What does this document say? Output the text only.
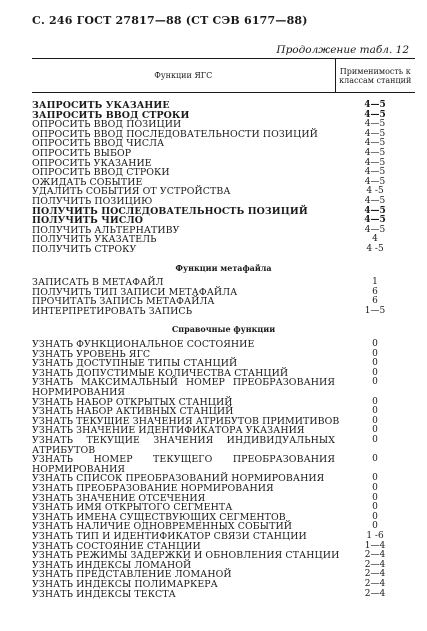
С. 246 ГОСТ 27817—88 (СТ СЭВ 6177—88)
Продолжение табл. 12
Функции ЯГС	Применимость к классам станций

ЗАПРОСИТЬ УКАЗАНИЕ	4—5
ЗАПРОСИТЬ ВВОД СТРОКИ	4—5
ОПРОСИТЬ ВВОД ПОЗИЦИИ	4—5
ОПРОСИТЬ ВВОД ПОСЛЕДОВАТЕЛЬНОСТИ ПОЗИЦИЙ	4—5
ОПРОСИТЬ ВВОД ЧИСЛА	4—5
ОПРОСИТЬ ВЫБОР	4—5
ОПРОСИТЬ УКАЗАНИЕ	4—5
ОПРОСИТЬ ВВОД СТРОКИ	4—5
ОЖИДАТЬ СОБЫТИЕ	4—5
УДАЛИТЬ СОБЫТИЯ ОТ УСТРОЙСТВА	4 -5
ПОЛУЧИТЬ ПОЗИЦИЮ	4—5
ПОЛУЧИТЬ ПОСЛЕДОВАТЕЛЬНОСТЬ ПОЗИЦИЙ	4—5
ПОЛУЧИТЬ ЧИСЛО	4—5
ПОЛУЧИТЬ АЛЬТЕРНАТИВУ	4—5
ПОЛУЧИТЬ УКАЗАТЕЛЬ	4
ПОЛУЧИТЬ СТРОКУ	4 -5
Функции метафайла	
ЗАПИСАТЬ В МЕТАФАЙЛ	1
ПОЛУЧИТЬ ТИП ЗАПИСИ МЕТАФАЙЛА	6
ПРОЧИТАТЬ ЗАПИСЬ МЕТАФАЙЛА	6
ИНТЕРПРЕТИРОВАТЬ ЗАПИСЬ	1—5
Справочные функции	
УЗНАТЬ ФУНКЦИОНАЛЬНОЕ СОСТОЯНИЕ	0
УЗНАТЬ УРОВЕНЬ ЯГС	0
УЗНАТЬ ДОСТУПНЫЕ ТИПЫ СТАНЦИЙ	0
УЗНАТЬ ДОПУСТИМЫЕ КОЛИЧЕСТВА СТАНЦИЙ	0
УЗНАТЬ МАКСИМАЛЬНЫЙ НОМЕР ПРЕОБРАЗОВАНИЯ НОРМИРОВАНИЯ	0
УЗНАТЬ НАБОР ОТКРЫТЫХ СТАНЦИЙ	0
УЗНАТЬ НАБОР АКТИВНЫХ СТАНЦИЙ	0
УЗНАТЬ ТЕКУЩИЕ ЗНАЧЕНИЯ АТРИБУТОВ ПРИМИТИВОВ	0
УЗНАТЬ ЗНАЧЕНИЕ ИДЕНТИФИКАТОРА УКАЗАНИЯ	0
УЗНАТЬ ТЕКУЩИЕ ЗНАЧЕНИЯ ИНДИВИДУАЛЬНЫХ АТРИБУТОВ	0
УЗНАТЬ НОМЕР ТЕКУЩЕГО ПРЕОБРАЗОВАНИЯ НОРМИРОВАНИЯ	0
УЗНАТЬ СПИСОК ПРЕОБРАЗОВАНИЙ НОРМИРОВАНИЯ	0
УЗНАТЬ ПРЕОБРАЗОВАНИЕ НОРМИРОВАНИЯ	0
УЗНАТЬ ЗНАЧЕНИЕ ОТСЕЧЕНИЯ	0
УЗНАТЬ ИМЯ ОТКРЫТОГО СЕГМЕНТА	0
УЗНАТЬ ИМЕНА СУЩЕСТВУЮЩИХ СЕГМЕНТОВ	0
УЗНАТЬ НАЛИЧИЕ ОДНОВРЕМЕННЫХ СОБЫТИЙ	0
УЗНАТЬ ТИП И ИДЕНТИФИКАТОР СВЯЗИ СТАНЦИИ	1 -6
УЗНАТЬ СОСТОЯНИЕ СТАНЦИИ	1—4
УЗНАТЬ РЕЖИМЫ ЗАДЕРЖКИ И ОБНОВЛЕНИЯ СТАНЦИИ	2—4
УЗНАТЬ ИНДЕКСЫ ЛОМАНОЙ	2—4
УЗНАТЬ ПРЕДСТАВЛЕНИЕ ЛОМАНОЙ	2—4
УЗНАТЬ ИНДЕКСЫ ПОЛИМАРКЕРА	2—4
УЗНАТЬ ИНДЕКСЫ ТЕКСТА	2—4
